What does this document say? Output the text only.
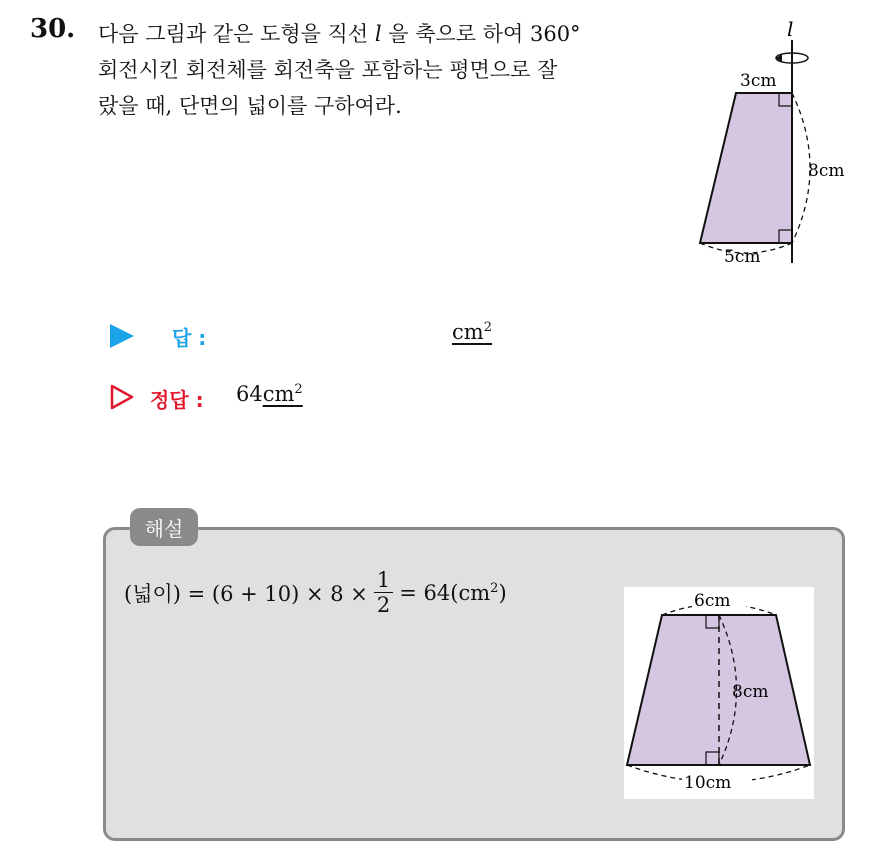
30. 다음 그림과 같은 도형을 직선 l 을 축으로 하여 360°
회전시킨 회전체를 회전축을 포함하는 평면으로 잘
랐을 때, 단면의 넓이를 구하여라.
l
3cm
8cm
5cm
답 :	$cm^2$
정답 : $64cm^2$
해설
(넓이) = $(6 + 10) \times 8 \times \frac{1}{2} = 64$( $cm^2$ )	6cm
8cm
10cm
